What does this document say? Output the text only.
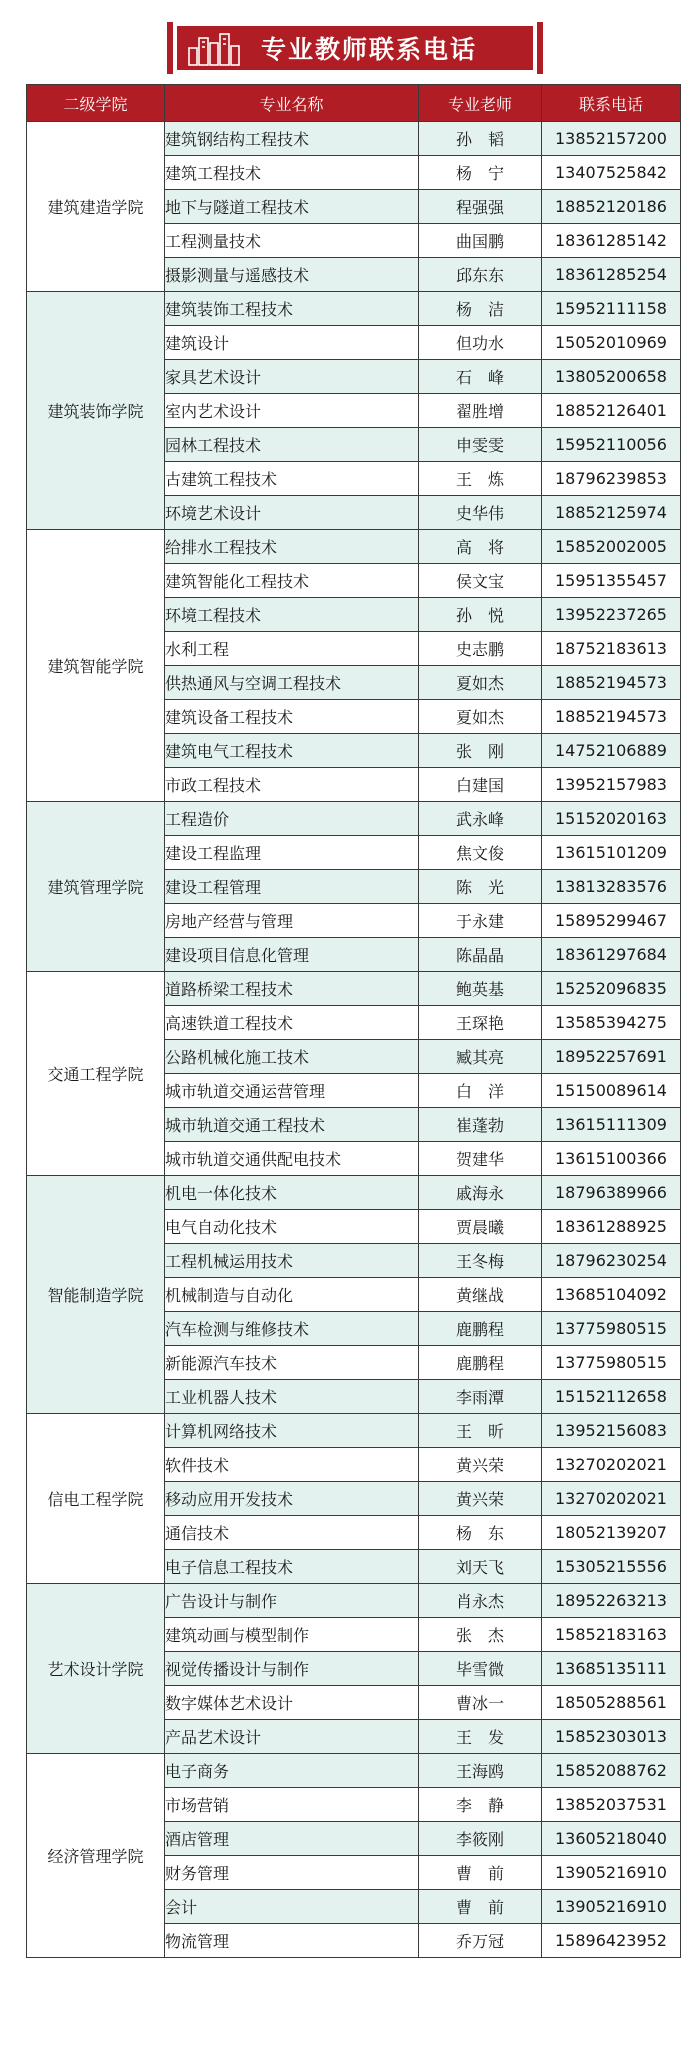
专业教师联系电话
二级学院	专业名称	专业老师	联系电话
建筑建造学院	建筑钢结构工程技术	孙　韬	13852157200
	建筑工程技术	杨　宁	13407525842
	地下与隧道工程技术	程强强	18852120186
	工程测量技术	曲国鹏	18361285142
	摄影测量与遥感技术	邱东东	18361285254
建筑装饰学院	建筑装饰工程技术	杨　洁	15952111158
	建筑设计	但功水	15052010969
	家具艺术设计	石　峰	13805200658
	室内艺术设计	翟胜增	18852126401
	园林工程技术	申雯雯	15952110056
	古建筑工程技术	王　炼	18796239853
	环境艺术设计	史华伟	18852125974
建筑智能学院	给排水工程技术	高　将	15852002005
	建筑智能化工程技术	侯文宝	15951355457
	环境工程技术	孙　悦	13952237265
	水利工程	史志鹏	18752183613
	供热通风与空调工程技术	夏如杰	18852194573
	建筑设备工程技术	夏如杰	18852194573
	建筑电气工程技术	张　刚	14752106889
	市政工程技术	白建国	13952157983
建筑管理学院	工程造价	武永峰	15152020163
	建设工程监理	焦文俊	13615101209
	建设工程管理	陈　光	13813283576
	房地产经营与管理	于永建	15895299467
	建设项目信息化管理	陈晶晶	18361297684
交通工程学院	道路桥梁工程技术	鲍英基	15252096835
	高速铁道工程技术	王琛艳	13585394275
	公路机械化施工技术	臧其亮	18952257691
	城市轨道交通运营管理	白　洋	15150089614
	城市轨道交通工程技术	崔蓬勃	13615111309
	城市轨道交通供配电技术	贺建华	13615100366
智能制造学院	机电一体化技术	戚海永	18796389966
	电气自动化技术	贾晨曦	18361288925
	工程机械运用技术	王冬梅	18796230254
	机械制造与自动化	黄继战	13685104092
	汽车检测与维修技术	鹿鹏程	13775980515
	新能源汽车技术	鹿鹏程	13775980515
	工业机器人技术	李雨潭	15152112658
信电工程学院	计算机网络技术	王　昕	13952156083
	软件技术	黄兴荣	13270202021
	移动应用开发技术	黄兴荣	13270202021
	通信技术	杨　东	18052139207
	电子信息工程技术	刘天飞	15305215556
艺术设计学院	广告设计与制作	肖永杰	18952263213
	建筑动画与模型制作	张　杰	15852183163
	视觉传播设计与制作	毕雪微	13685135111
	数字媒体艺术设计	曹冰一	18505288561
	产品艺术设计	王　发	15852303013
经济管理学院	电子商务	王海鸥	15852088762
	市场营销	李　静	13852037531
	酒店管理	李筱刚	13605218040
	财务管理	曹　前	13905216910
	会计	曹　前	13905216910
	物流管理	乔万冠	15896423952
